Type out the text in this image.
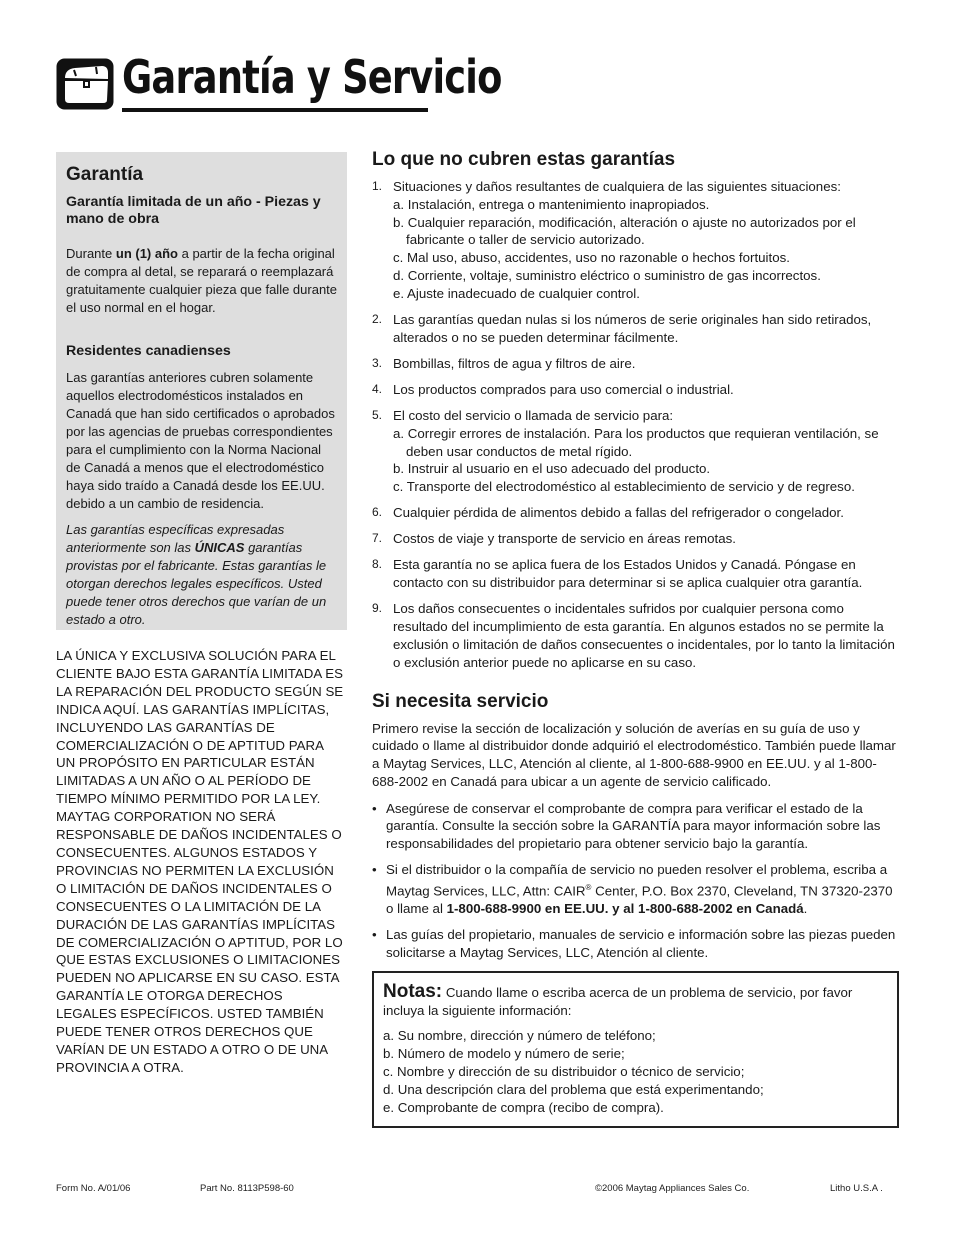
Garantía y Servicio
Garantía
Garantía limitada de un año - Piezas y mano de obra

Durante un (1) año a partir de la fecha original de compra al detal, se reparará o reemplazará gratuitamente cualquier pieza que falle durante el uso normal en el hogar.

Residentes canadienses

Las garantías anteriores cubren solamente aquellos electrodomésticos instalados en Canadá que han sido certificados o aprobados por las agencias de pruebas correspondientes para el cumplimiento con la Norma Nacional de Canadá a menos que el electrodoméstico haya sido traído a Canadá desde los EE.UU. debido a un cambio de residencia.

Las garantías específicas expresadas anteriormente son las ÚNICAS garantías provistas por el fabricante. Estas garantías le otorgan derechos legales específicos. Usted puede tener otros derechos que varían de un estado a otro.

LA ÚNICA Y EXCLUSIVA SOLUCIÓN PARA EL CLIENTE BAJO ESTA GARANTÍA LIMITADA ES LA REPARACIÓN DEL PRODUCTO SEGÚN SE INDICA AQUÍ. LAS GARANTÍAS IMPLÍCITAS, INCLUYENDO LAS GARANTÍAS DE COMERCIALIZACIÓN O DE APTITUD PARA UN PROPÓSITO EN PARTICULAR ESTÁN LIMITADAS A UN AÑO O AL PERÍODO DE TIEMPO MÍNIMO PERMITIDO POR LA LEY. MAYTAG CORPORATION NO SERÁ RESPONSABLE DE DAÑOS INCIDENTALES O CONSECUENTES. ALGUNOS ESTADOS Y PROVINCIAS NO PERMITEN LA EXCLUSIÓN O LIMITACIÓN DE DAÑOS INCIDENTALES O CONSECUENTES O LA LIMITACIÓN DE LA DURACIÓN DE LAS GARANTÍAS IMPLÍCITAS DE COMERCIALIZACIÓN O APTITUD, POR LO QUE ESTAS EXCLUSIONES O LIMITACIONES PUEDEN NO APLICARSE EN SU CASO. ESTA GARANTÍA LE OTORGA DERECHOS LEGALES ESPECÍFICOS. USTED TAMBIÉN PUEDE TENER OTROS DERECHOS QUE VARÍAN DE UN ESTADO A OTRO O DE UNA PROVINCIA A OTRA.

Lo que no cubren estas garantías
1. Situaciones y daños resultantes de cualquiera de las siguientes situaciones:
a. Instalación, entrega o mantenimiento inapropiados.
b. Cualquier reparación, modificación, alteración o ajuste no autorizados por el fabricante o taller de servicio autorizado.
c. Mal uso, abuso, accidentes, uso no razonable o hechos fortuitos.
d. Corriente, voltaje, suministro eléctrico o suministro de gas incorrectos.
e. Ajuste inadecuado de cualquier control.
2. Las garantías quedan nulas si los números de serie originales han sido retirados, alterados o no se pueden determinar fácilmente.
3. Bombillas, filtros de agua y filtros de aire.
4. Los productos comprados para uso comercial o industrial.
5. El costo del servicio o llamada de servicio para:
a. Corregir errores de instalación. Para los productos que requieran ventilación, se deben usar conductos de metal rígido.
b. Instruir al usuario en el uso adecuado del producto.
c. Transporte del electrodoméstico al establecimiento de servicio y de regreso.
6. Cualquier pérdida de alimentos debido a fallas del refrigerador o congelador.
7. Costos de viaje y transporte de servicio en áreas remotas.
8. Esta garantía no se aplica fuera de los Estados Unidos y Canadá. Póngase en contacto con su distribuidor para determinar si se aplica cualquier otra garantía.
9. Los daños consecuentes o incidentales sufridos por cualquier persona como resultado del incumplimiento de esta garantía. En algunos estados no se permite la exclusión o limitación de daños consecuentes o incidentales, por lo tanto la limitación o exclusión anterior puede no aplicarse en su caso.
Si necesita servicio

Primero revise la sección de localización y solución de averías en su guía de uso y cuidado o llame al distribuidor donde adquirió el electrodoméstico. También puede llamar a Maytag Services, LLC, Atención al cliente, al 1-800-688-9900 en EE.UU. y al 1-800-688-2002 en Canadá para ubicar a un agente de servicio calificado.

• Asegúrese de conservar el comprobante de compra para verificar el estado de la garantía. Consulte la sección sobre la GARANTÍA para mayor información sobre las responsabilidades del propietario para obtener servicio bajo la garantía.
• Si el distribuidor o la compañía de servicio no pueden resolver el problema, escriba a Maytag Services, LLC, Attn: CAIR® Center, P.O. Box 2370, Cleveland, TN 37320-2370 o llame al 1-800-688-9900 en EE.UU. y al 1-800-688-2002 en Canadá.
• Las guías del propietario, manuales de servicio e información sobre las piezas pueden solicitarse a Maytag Services, LLC, Atención al cliente.

Notas: Cuando llame o escriba acerca de un problema de servicio, por favor incluya la siguiente información:

a. Su nombre, dirección y número de teléfono;
b. Número de modelo y número de serie;
c. Nombre y dirección de su distribuidor o técnico de servicio;
d. Una descripción clara del problema que está experimentando;
e. Comprobante de compra (recibo de compra).
Form No. A/01/06	Part No. 8113P598-60	©2006 Maytag Appliances Sales Co.	Litho U.S.A .
